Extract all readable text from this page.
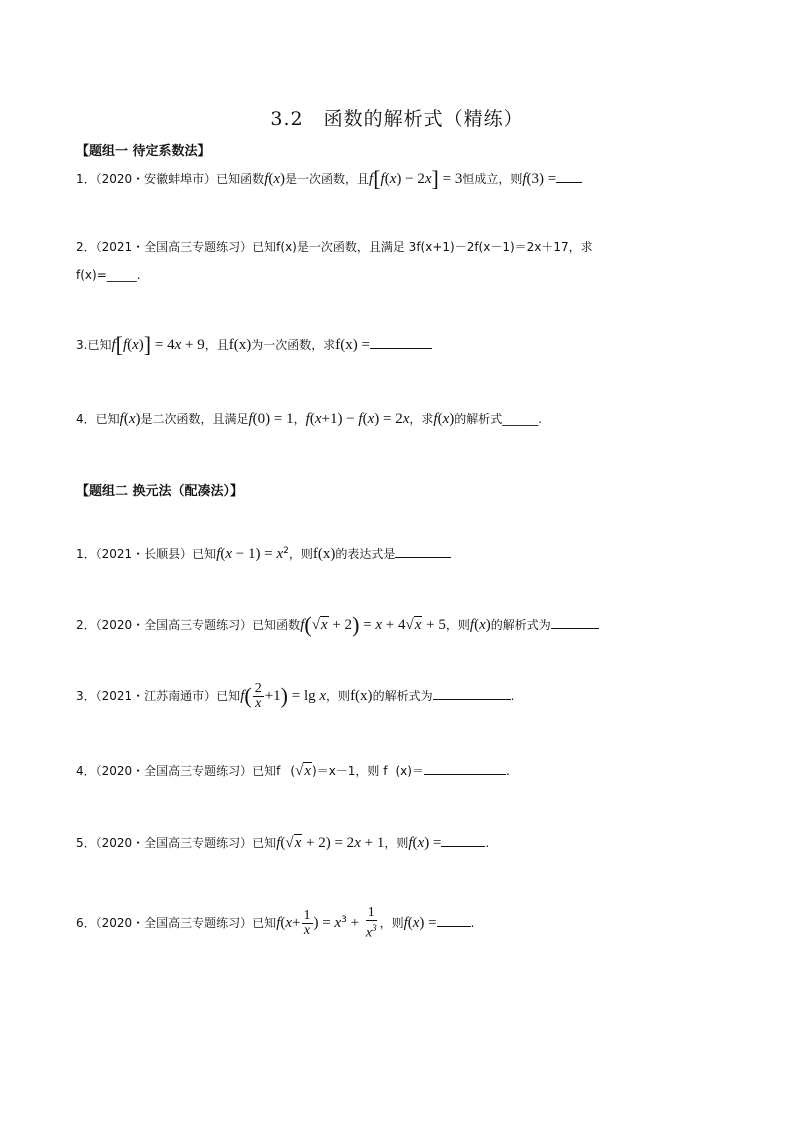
3.2　函数的解析式（精练）
【题组一 待定系数法】
1．（2020・安徽蚌埠市）已知函数f(x)是一次函数，且f[f(x) − 2x] = 3恒成立，则f(3) =
2．（2021・全国高三专题练习）已知f(x)是一次函数，且满足 3f(x+1)－2f(x－1)＝2x＋17，求
f(x)=_____.
3.已知f[f(x)] = 4x + 9，且f(x)为一次函数，求f(x) =
4．已知f(x)是二次函数，且满足f(0) = 1，f(x+1) − f(x) = 2x，求f(x)的解析式______.
【题组二 换元法（配凑法）】
1．（2021・长顺县）已知$f(x - 1) = x^2$，则f(x)的表达式是
2．（2020・全国高三专题练习）已知函数f(√x + 2) = x + 4√x + 5，则f(x)的解析式为
3．（2021・江苏南通市）已知$f( \frac{2}{x} +1) = \lg x$，则f(x)的解析式为	.
4．（2020・全国高三专题练习）已知f (√x)＝x－1，则 f (x)＝	.
5．（2020・全国高三专题练习）已知f(√x + 2) = 2x + 1，则f(x) =	.
6．（2020・全国高三专题练习）已知$f(x+ \frac{1}{x}$ ) = $x^3 + \frac{1}{x^3}$ ，则f(x) =	.
